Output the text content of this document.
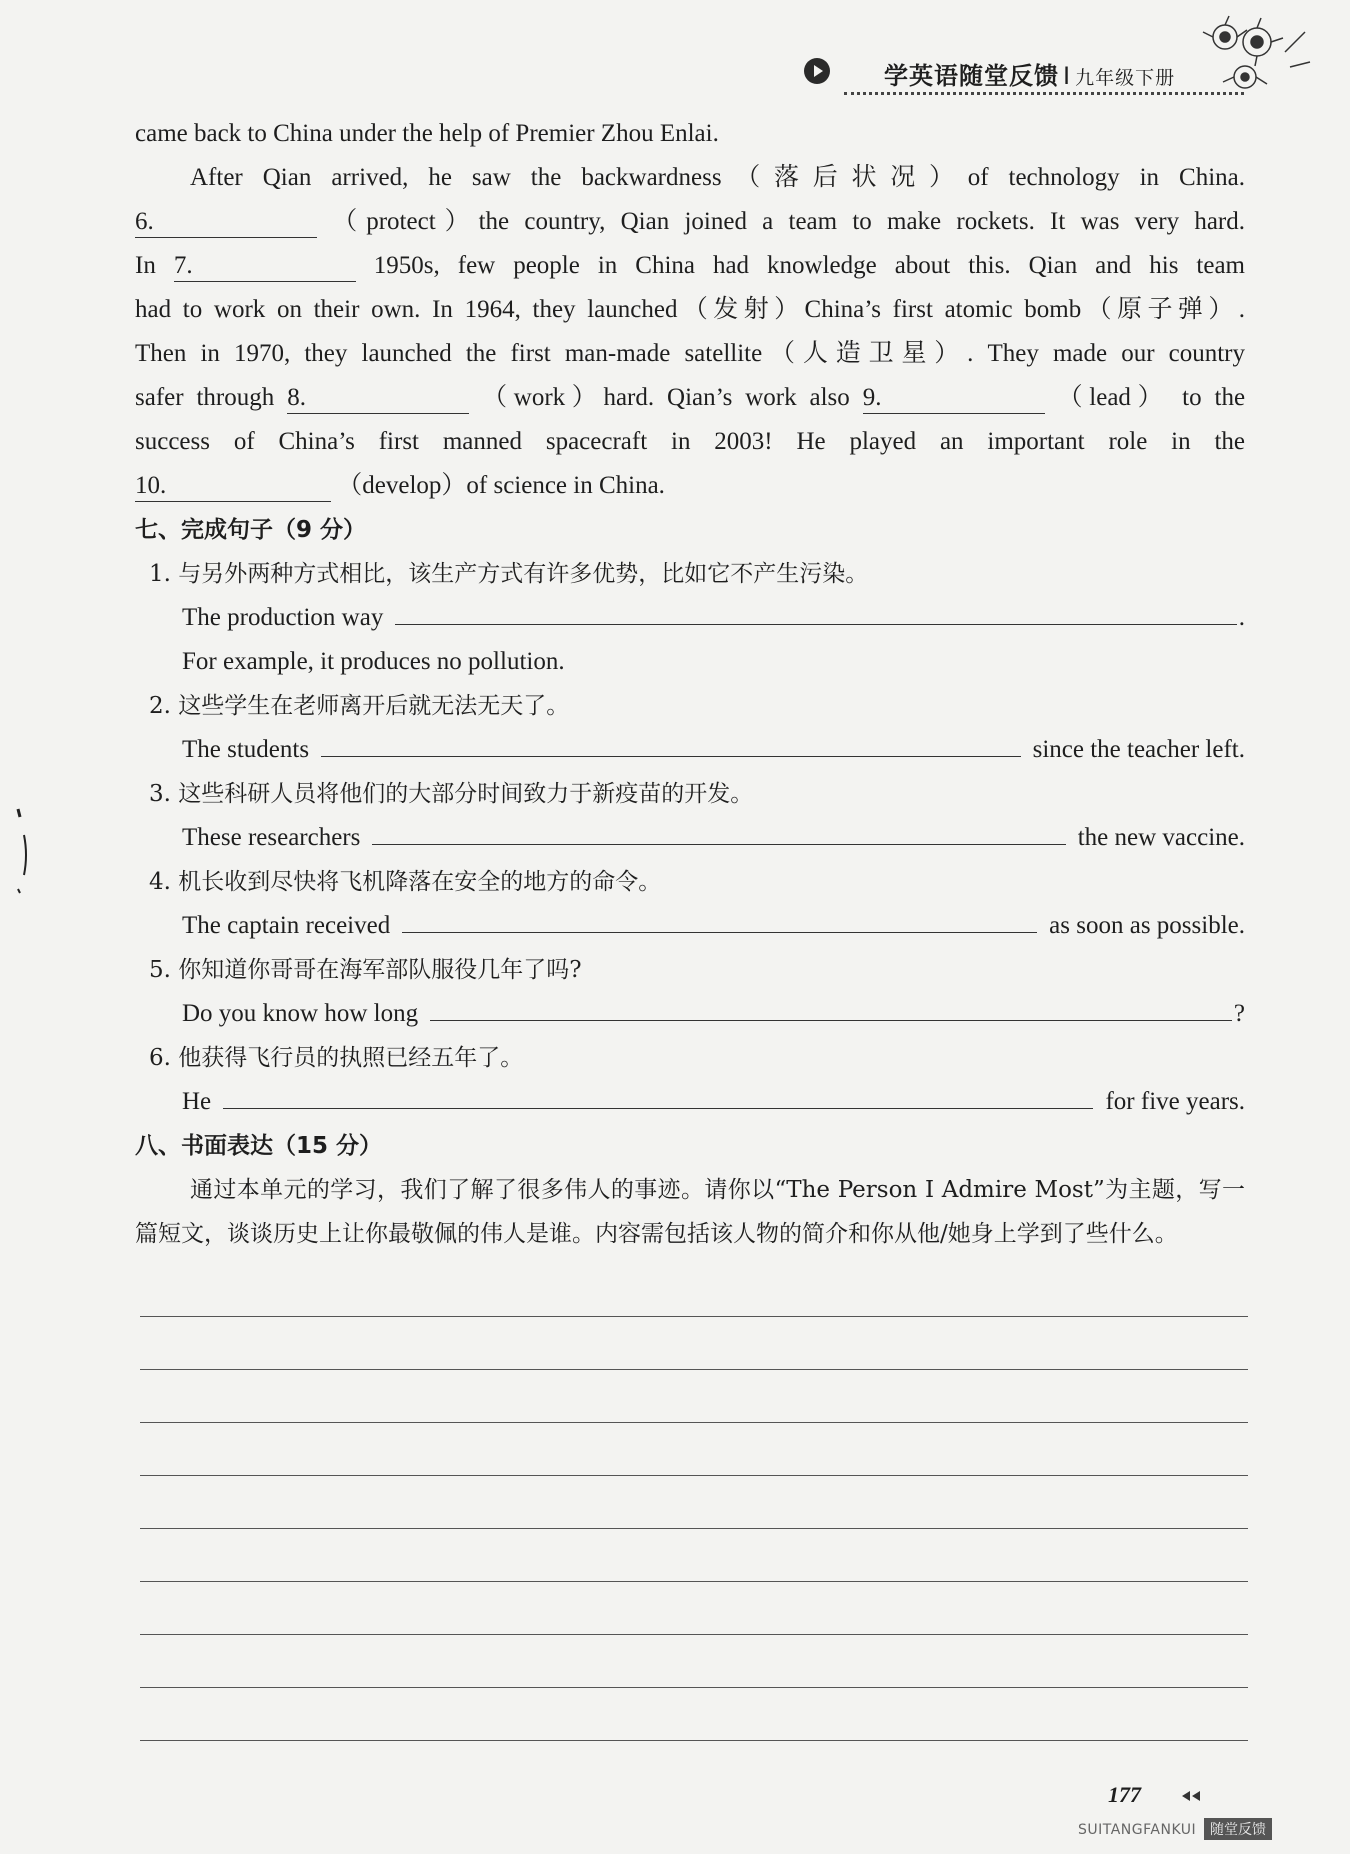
学英语随堂反馈 I 九年级下册
came back to China under the help of Premier Zhou Enlai.
After Qian arrived, he saw the backwardness（落后状况）of technology in China.
6.	（protect）the country, Qian joined a team to make rockets. It was very hard.
In 7.	1950s, few people in China had knowledge about this. Qian and his team
had to work on their own. In 1964, they launched（发射）China’s first atomic bomb（原子弹）.
Then in 1970, they launched the first man-made satellite（人造卫星）. They made our country
safer through 8.	（work）hard. Qian’s work also 9.	（lead） to the
success of China’s first manned spacecraft in 2003! He played an important role in the
10.	（develop）of science in China.
七、完成句子（9 分）
1. 与另外两种方式相比，该生产方式有许多优势，比如它不产生污染。
The production way	.
For example, it produces no pollution.
2. 这些学生在老师离开后就无法无天了。
The students	since the teacher left.
3. 这些科研人员将他们的大部分时间致力于新疫苗的开发。
These researchers	the new vaccine.
4. 机长收到尽快将飞机降落在安全的地方的命令。
The captain received	as soon as possible.
5. 你知道你哥哥在海军部队服役几年了吗?
Do you know how long	?
6. 他获得飞行员的执照已经五年了。
He	for five years.
八、书面表达（15 分）
通过本单元的学习，我们了解了很多伟人的事迹。请你以“The Person I Admire Most”为主题，写一篇短文，谈谈历史上让你最敬佩的伟人是谁。内容需包括该人物的简介和你从他/她身上学到了些什么。
177
SUITANGFANKUI 随堂反馈
